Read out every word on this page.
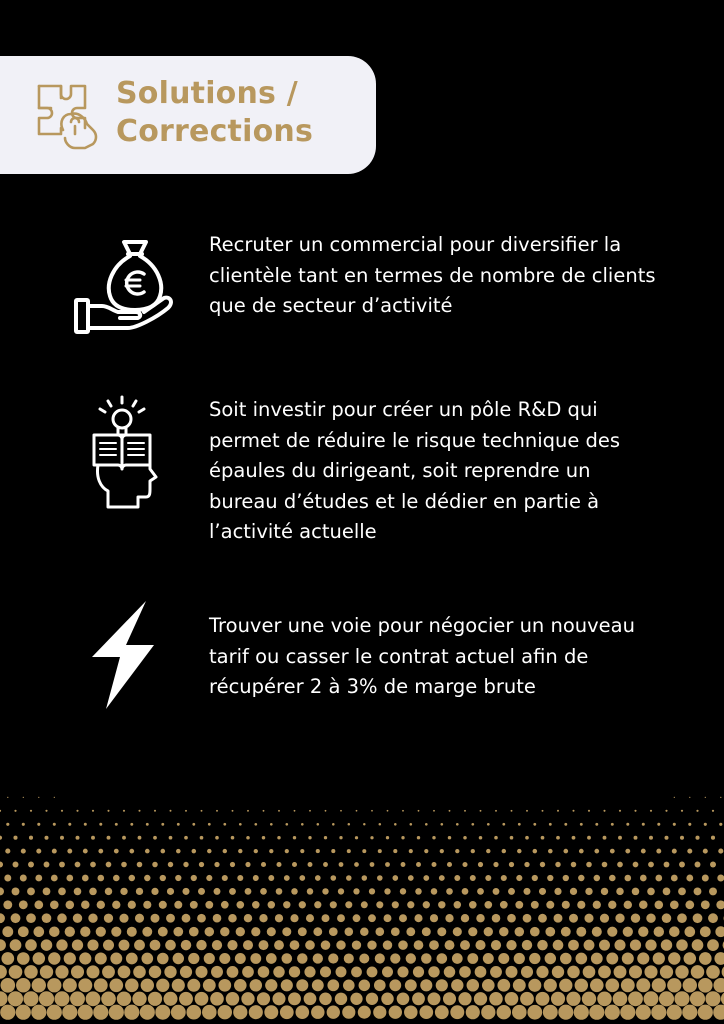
Solutions /
Corrections

Recruter un commercial pour diversifier la clientèle tant en termes de nombre de clients que de secteur d’activité

Soit investir pour créer un pôle R&D qui permet de réduire le risque technique des épaules du dirigeant, soit reprendre un bureau d’études et le dédier en partie à l’activité actuelle

Trouver une voie pour négocier un nouveau tarif ou casser le contrat actuel afin de récupérer 2 à 3% de marge brute
